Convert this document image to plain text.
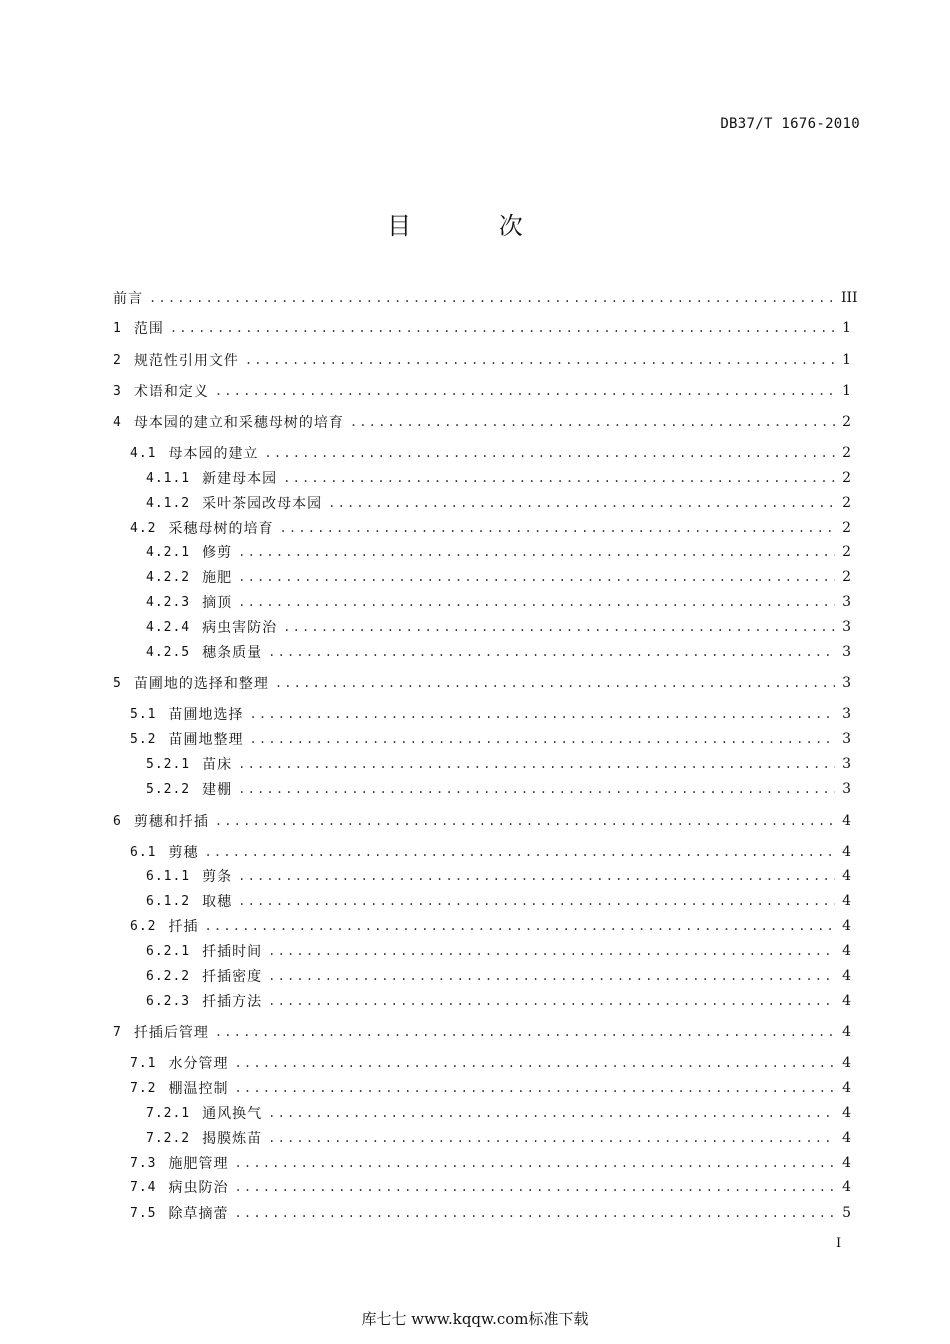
DB37/T 1676-2010
目 次
前言 .....	III
1 范围 .....	1
2 规范性引用文件 .....	1
3 术语和定义 .....	1
4 母本园的建立和采穗母树的培育 .....	2
4.1 母本园的建立 .....	2
4.1.1 新建母本园 .....	2
4.1.2 采叶茶园改母本园 .....	2
4.2 采穗母树的培育 .....	2
4.2.1 修剪 .....	2
4.2.2 施肥 .....	2
4.2.3 摘顶 .....	3
4.2.4 病虫害防治 .....	3
4.2.5 穗条质量 .....	3
5 苗圃地的选择和整理 .....	3
5.1 苗圃地选择 .....	3
5.2 苗圃地整理 .....	3
5.2.1 苗床 .....	3
5.2.2 建棚 .....	3
6 剪穗和扦插 .....	4
6.1 剪穗 .....	4
6.1.1 剪条 .....	4
6.1.2 取穗 .....	4
6.2 扦插 .....	4
6.2.1 扦插时间 .....	4
6.2.2 扦插密度 .....	4
6.2.3 扦插方法 .....	4
7 扦插后管理 .....	4
7.1 水分管理 .....	4
7.2 棚温控制 .....	4
7.2.1 通风换气 .....	4
7.2.2 揭膜炼苗 .....	4
7.3 施肥管理 .....	4
7.4 病虫防治 .....	4
7.5 除草摘蕾 .....	5
I
库七七 www.kqqw.com标准下载
